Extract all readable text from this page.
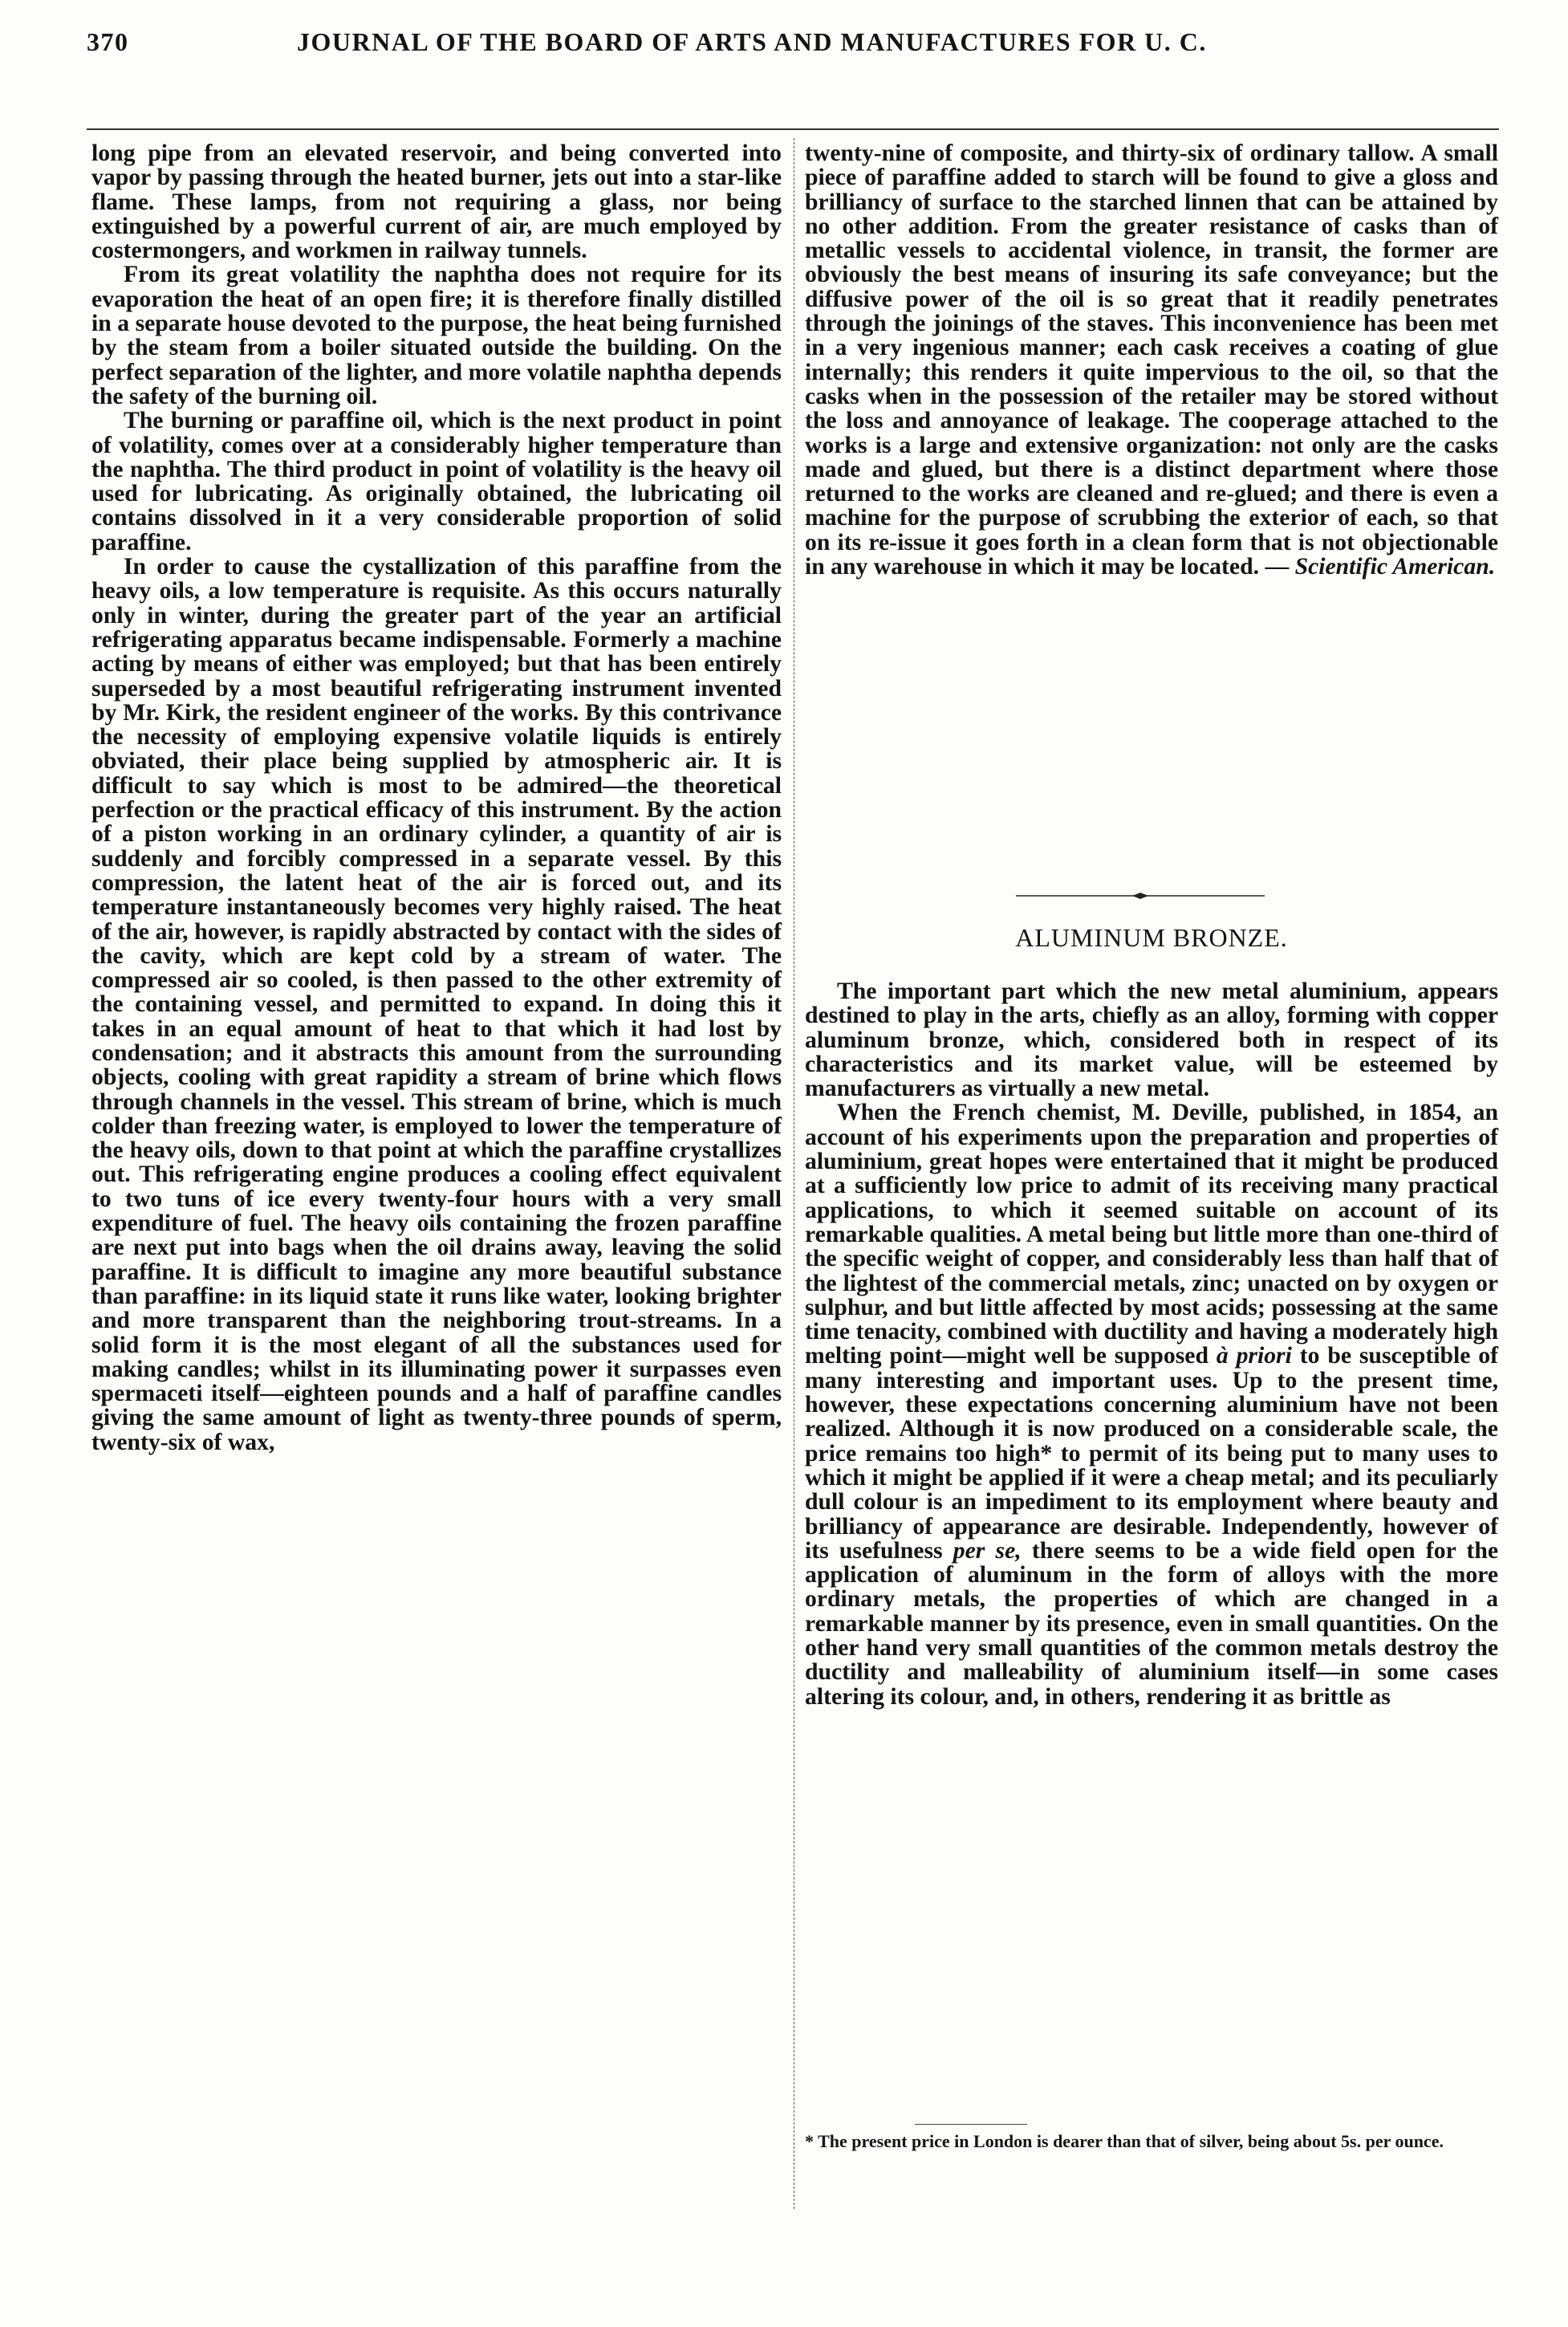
370	JOURNAL OF THE BOARD OF ARTS AND MANUFACTURES FOR U. C.

long pipe from an elevated reservoir, and being converted into vapor by passing through the heated burner, jets out into a star-like flame. These lamps, from not requiring a glass, nor being extinguished by a powerful current of air, are much employed by costermongers, and workmen in railway tunnels.

From its great volatility the naphtha does not require for its evaporation the heat of an open fire; it is therefore finally distilled in a separate house devoted to the purpose, the heat being furnished by the steam from a boiler situated outside the building. On the perfect separation of the lighter, and more volatile naphtha depends the safety of the burning oil.

The burning or paraffine oil, which is the next product in point of volatility, comes over at a considerably higher temperature than the naphtha. The third product in point of volatility is the heavy oil used for lubricating. As originally obtained, the lubricating oil contains dissolved in it a very considerable proportion of solid paraffine.

In order to cause the cystallization of this paraffine from the heavy oils, a low temperature is requisite. As this occurs naturally only in winter, during the greater part of the year an artificial refrigerating apparatus became indispensable. Formerly a machine acting by means of either was employed; but that has been entirely superseded by a most beautiful refrigerating instrument invented by Mr. Kirk, the resident engineer of the works. By this contrivance the necessity of employing expensive volatile liquids is entirely obviated, their place being supplied by atmospheric air. It is difficult to say which is most to be admired—the theoretical perfection or the practical efficacy of this instrument. By the action of a piston working in an ordinary cylinder, a quantity of air is suddenly and forcibly compressed in a separate vessel. By this compression, the latent heat of the air is forced out, and its temperature instantaneously becomes very highly raised. The heat of the air, however, is rapidly abstracted by contact with the sides of the cavity, which are kept cold by a stream of water. The compressed air so cooled, is then passed to the other extremity of the containing vessel, and permitted to expand. In doing this it takes in an equal amount of heat to that which it had lost by condensation; and it abstracts this amount from the surrounding objects, cooling with great rapidity a stream of brine which flows through channels in the vessel. This stream of brine, which is much colder than freezing water, is employed to lower the temperature of the heavy oils, down to that point at which the paraffine crystallizes out. This refrigerating engine produces a cooling effect equivalent to two tuns of ice every twenty-four hours with a very small expenditure of fuel. The heavy oils containing the frozen paraffine are next put into bags when the oil drains away, leaving the solid paraffine. It is difficult to imagine any more beautiful substance than paraffine: in its liquid state it runs like water, looking brighter and more transparent than the neighboring trout-streams. In a solid form it is the most elegant of all the substances used for making candles; whilst in its illuminating power it surpasses even spermaceti itself—eighteen pounds and a half of paraffine candles giving the same amount of light as twenty-three pounds of sperm, twenty-six of wax,

twenty-nine of composite, and thirty-six of ordinary tallow. A small piece of paraffine added to starch will be found to give a gloss and brilliancy of surface to the starched linnen that can be attained by no other addition. From the greater resistance of casks than of metallic vessels to accidental violence, in transit, the former are obviously the best means of insuring its safe conveyance; but the diffusive power of the oil is so great that it readily penetrates through the joinings of the staves. This inconvenience has been met in a very ingenious manner; each cask receives a coating of glue internally; this renders it quite impervious to the oil, so that the casks when in the possession of the retailer may be stored without the loss and annoyance of leakage. The cooperage attached to the works is a large and extensive organization: not only are the casks made and glued, but there is a distinct department where those returned to the works are cleaned and re-glued; and there is even a machine for the purpose of scrubbing the exterior of each, so that on its re-issue it goes forth in a clean form that is not objectionable in any warehouse in which it may be located. — Scientific American.

ALUMINUM BRONZE.

The important part which the new metal aluminium, appears destined to play in the arts, chiefly as an alloy, forming with copper aluminum bronze, which, considered both in respect of its characteristics and its market value, will be esteemed by manufacturers as virtually a new metal.

When the French chemist, M. Deville, published, in 1854, an account of his experiments upon the preparation and properties of aluminium, great hopes were entertained that it might be produced at a sufficiently low price to admit of its receiving many practical applications, to which it seemed suitable on account of its remarkable qualities. A metal being but little more than one-third of the specific weight of copper, and considerably less than half that of the lightest of the commercial metals, zinc; unacted on by oxygen or sulphur, and but little affected by most acids; possessing at the same time tenacity, combined with ductility and having a moderately high melting point—might well be supposed à priori to be susceptible of many interesting and important uses. Up to the present time, however, these expectations concerning aluminium have not been realized. Although it is now produced on a considerable scale, the price remains too high* to permit of its being put to many uses to which it might be applied if it were a cheap metal; and its peculiarly dull colour is an impediment to its employment where beauty and brilliancy of appearance are desirable. Independently, however of its usefulness per se, there seems to be a wide field open for the application of aluminum in the form of alloys with the more ordinary metals, the properties of which are changed in a remarkable manner by its presence, even in small quantities. On the other hand very small quantities of the common metals destroy the ductility and malleability of aluminium itself—in some cases altering its colour, and, in others, rendering it as brittle as

* The present price in London is dearer than that of silver, being about 5s. per ounce.
